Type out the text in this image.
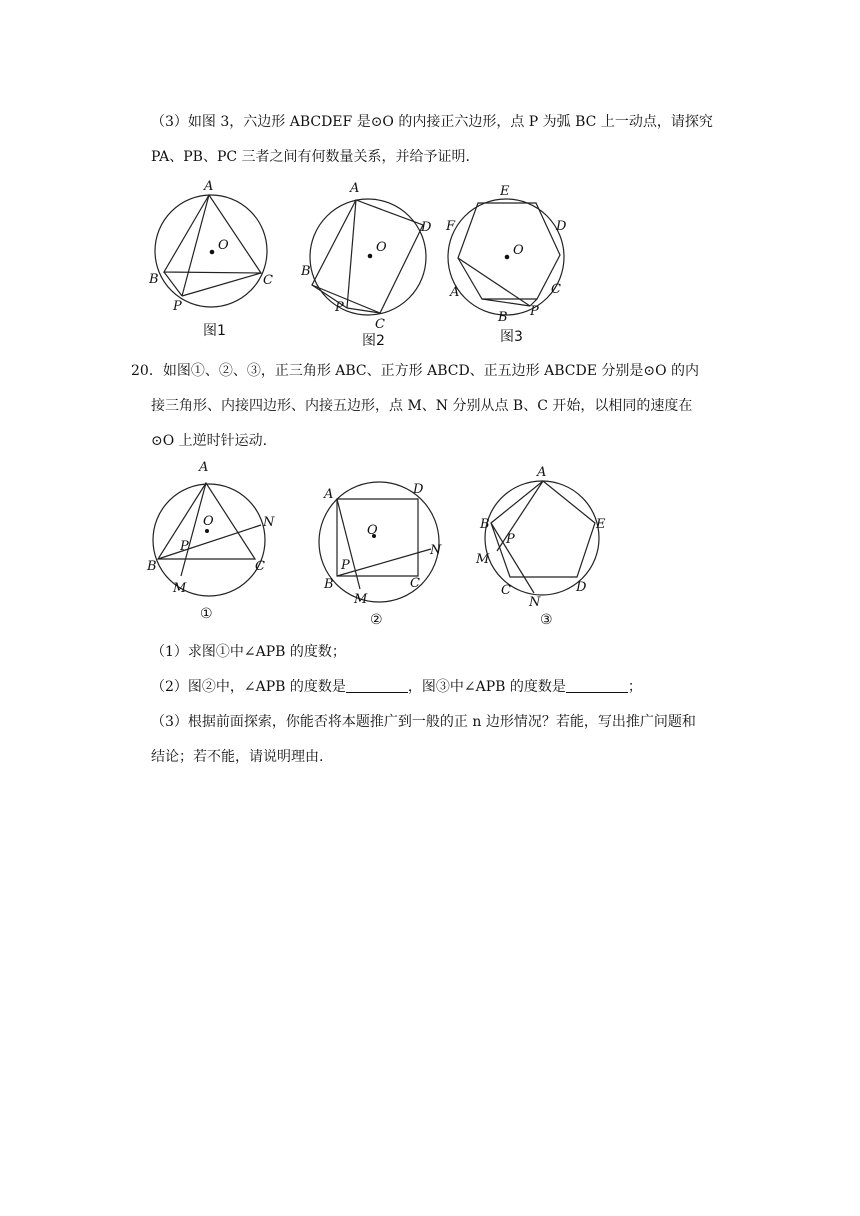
（3）如图 3，六边形 ABCDEF 是⊙O 的内接正六边形，点 P 为弧 BC 上一动点，请探究
PA、PB、PC 三者之间有何数量关系，并给予证明.
A
O
B	C
P
图1
A
O
D
B
P
C
图2
E
D
F
O
A	C
B P
图3
20．如图①、②、③，正三角形 ABC、正方形 ABCD、正五边形 ABCDE 分别是⊙O 的内
接三角形、内接四边形、内接五边形，点 M、N 分别从点 B、C 开始，以相同的速度在
⊙O 上逆时针运动.
A
O	N
P
B	C
M
①
A	D
O
N
P
B	C
M
②
A
B	E
P
M
C	D
N
③
（1）求图①中∠APB 的度数；
（2）图②中，∠APB 的度数是	，图③中∠APB 的度数是	；
（3）根据前面探索，你能否将本题推广到一般的正 n 边形情况？若能，写出推广问题和
结论；若不能，请说明理由.
